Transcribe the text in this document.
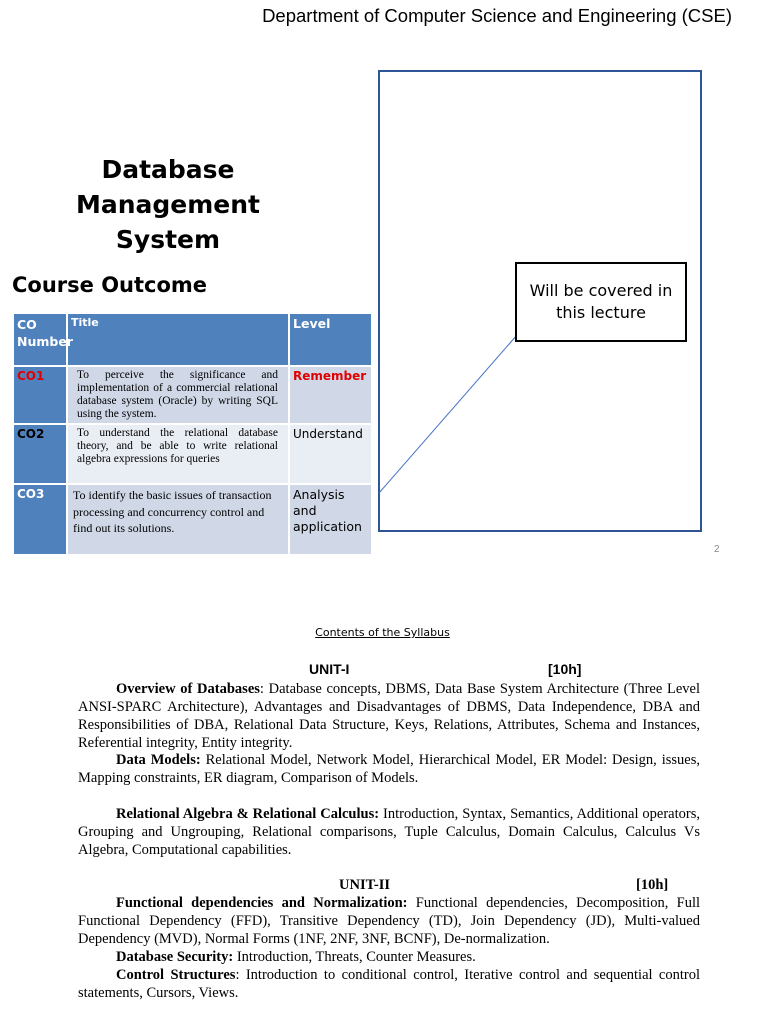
Department of Computer Science and Engineering (CSE)
Database
Management System
Course Outcome
CO Number	Title	Level
CO1	To perceive the significance and implementation of a commercial relational database system (Oracle) by writing SQL using the system.	Remember
CO2	To understand the relational database theory, and be able to write relational algebra expressions for queries	Understand
CO3	To identify the basic issues of transaction processing and concurrency control and find out its solutions.	Analysis and application
Will be covered in this lecture
2
Contents of the Syllabus
UNIT-I	[10h]
Overview of Databases: Database concepts, DBMS, Data Base System Architecture (Three Level ANSI-SPARC Architecture), Advantages and Disadvantages of DBMS, Data Independence, DBA and Responsibilities of DBA, Relational Data Structure, Keys, Relations, Attributes, Schema and Instances, Referential integrity, Entity integrity.
Data Models: Relational Model, Network Model, Hierarchical Model, ER Model: Design, issues, Mapping constraints, ER diagram, Comparison of Models.
Relational Algebra & Relational Calculus: Introduction, Syntax, Semantics, Additional operators, Grouping and Ungrouping, Relational comparisons, Tuple Calculus, Domain Calculus, Calculus Vs Algebra, Computational capabilities.
UNIT-II	[10h]
Functional dependencies and Normalization: Functional dependencies, Decomposition, Full Functional Dependency (FFD), Transitive Dependency (TD), Join Dependency (JD), Multi-valued Dependency (MVD), Normal Forms (1NF, 2NF, 3NF, BCNF), De-normalization.
Database Security: Introduction, Threats, Counter Measures.
Control Structures: Introduction to conditional control, Iterative control and sequential control statements, Cursors, Views.
